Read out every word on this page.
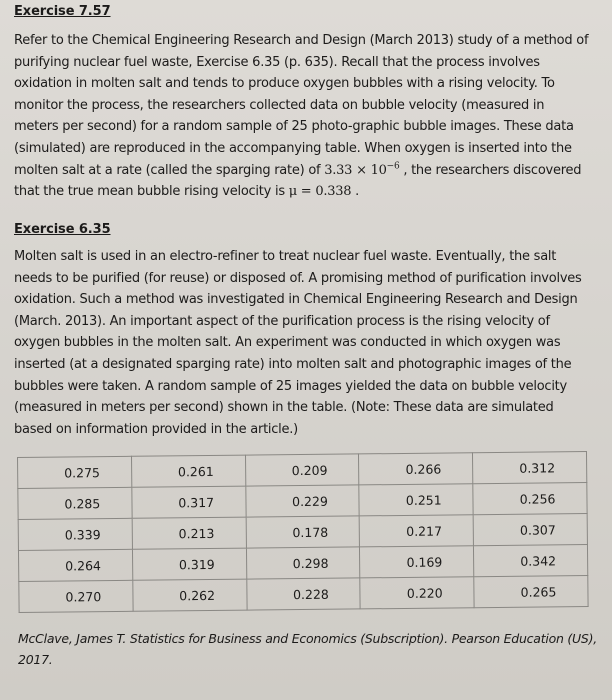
Exercise 7.57

Refer to the Chemical Engineering Research and Design (March 2013) study of a method of purifying nuclear fuel waste, Exercise 6.35 (p. 635). Recall that the process involves oxidation in molten salt and tends to produce oxygen bubbles with a rising velocity. To monitor the process, the researchers collected data on bubble velocity (measured in meters per second) for a random sample of 25 photo-graphic bubble images. These data (simulated) are reproduced in the accompanying table. When oxygen is inserted into the molten salt at a rate (called the sparging rate) of $3.33 \times 10^{-6}$ , the researchers discovered that the true mean bubble rising velocity is μ = 0.338 .

Exercise 6.35

Molten salt is used in an electro-refiner to treat nuclear fuel waste. Eventually, the salt needs to be purified (for reuse) or disposed of. A promising method of purification involves oxidation. Such a method was investigated in Chemical Engineering Research and Design (March. 2013). An important aspect of the purification process is the rising velocity of oxygen bubbles in the molten salt. An experiment was conducted in which oxygen was inserted (at a designated sparging rate) into molten salt and photographic images of the bubbles were taken. A random sample of 25 images yielded the data on bubble velocity (measured in meters per second) shown in the table. (Note: These data are simulated based on information provided in the article.)

0.275	0.261	0.209	0.266	0.312
0.285	0.317	0.229	0.251	0.256
0.339	0.213	0.178	0.217	0.307
0.264	0.319	0.298	0.169	0.342
0.270	0.262	0.228	0.220	0.265

McClave, James T. Statistics for Business and Economics (Subscription). Pearson Education (US), 2017.
